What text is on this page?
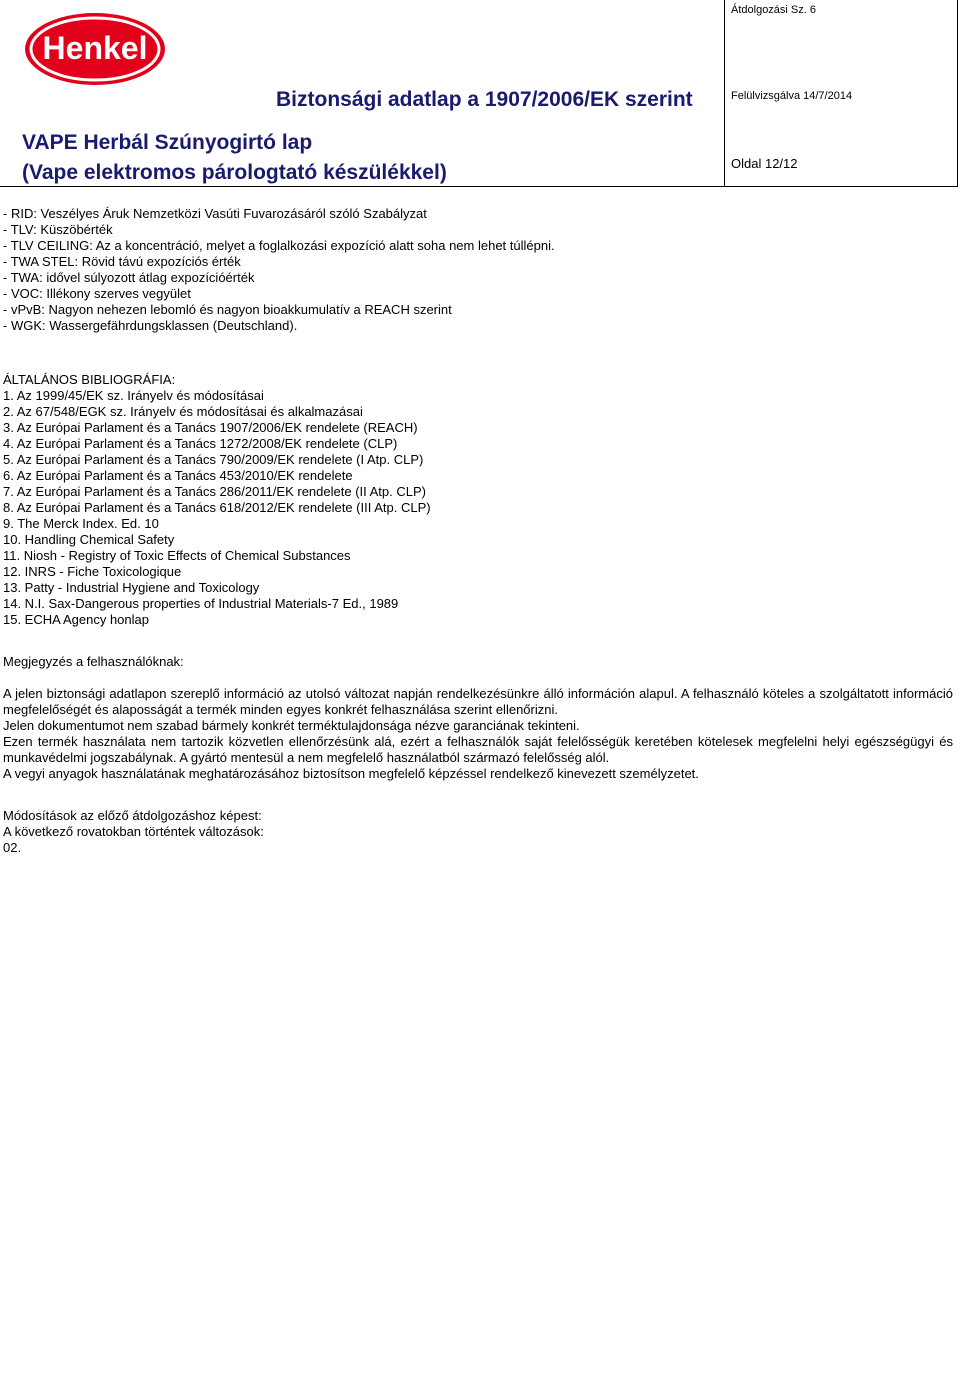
Henkel
Átdolgozási Sz. 6
Biztonsági adatlap a 1907/2006/EK szerint	Felülvizsgálva 14/7/2014
VAPE Herbál Szúnyogirtó lap
(Vape elektromos párologtató készülékkel)	Oldal 12/12
- RID: Veszélyes Áruk Nemzetközi Vasúti Fuvarozásáról szóló Szabályzat
- TLV: Küszöbérték
- TLV CEILING: Az a koncentráció, melyet a foglalkozási expozíció alatt soha nem lehet túllépni.
- TWA STEL: Rövid távú expozíciós érték
- TWA: idővel súlyozott átlag expozícióérték
- VOC: Illékony szerves vegyület
- vPvB: Nagyon nehezen lebomló és nagyon bioakkumulatív a REACH szerint
- WGK: Wassergefährdungsklassen (Deutschland).
ÁLTALÁNOS BIBLIOGRÁFIA:
1. Az 1999/45/EK sz. Irányelv és módosításai
2. Az 67/548/EGK sz. Irányelv és módosításai és alkalmazásai
3. Az Európai Parlament és a Tanács 1907/2006/EK rendelete (REACH)
4. Az Európai Parlament és a Tanács 1272/2008/EK rendelete (CLP)
5. Az Európai Parlament és a Tanács 790/2009/EK rendelete (I Atp. CLP)
6. Az Európai Parlament és a Tanács 453/2010/EK rendelete
7. Az Európai Parlament és a Tanács 286/2011/EK rendelete (II Atp. CLP)
8. Az Európai Parlament és a Tanács 618/2012/EK rendelete (III Atp. CLP)
9. The Merck Index. Ed. 10
10. Handling Chemical Safety
11. Niosh - Registry of Toxic Effects of Chemical Substances
12. INRS - Fiche Toxicologique
13. Patty - Industrial Hygiene and Toxicology
14. N.I. Sax-Dangerous properties of Industrial Materials-7 Ed., 1989
15. ECHA Agency honlap
Megjegyzés a felhasználóknak:
A jelen biztonsági adatlapon szereplő információ az utolsó változat napján rendelkezésünkre álló információn alapul. A felhasználó köteles a szolgáltatott információ megfelelőségét és alaposságát a termék minden egyes konkrét felhasználása szerint ellenőrizni.
Jelen dokumentumot nem szabad bármely konkrét terméktulajdonsága nézve garanciának tekinteni.
Ezen termék használata nem tartozik közvetlen ellenőrzésünk alá, ezért a felhasználók saját felelősségük keretében kötelesek megfelelni helyi egészségügyi és munkavédelmi jogszabálynak. A gyártó mentesül a nem megfelelő használatból származó felelősség alól.
A vegyi anyagok használatának meghatározásához biztosítson megfelelő képzéssel rendelkező kinevezett személyzetet.
Módosítások az előző átdolgozáshoz képest:
A következő rovatokban történtek változások:
02.
